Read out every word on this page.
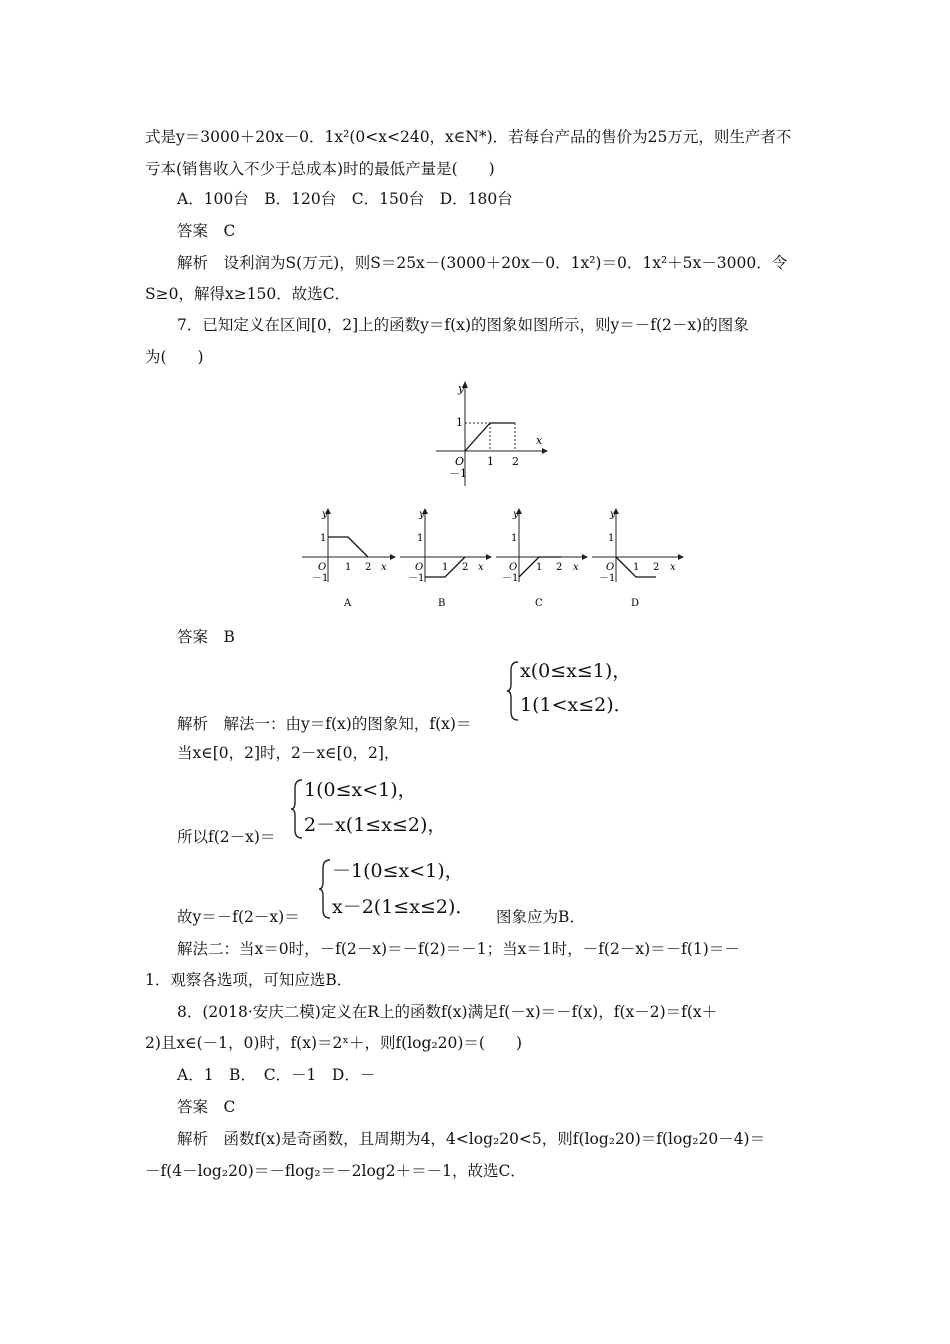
式是y＝3000＋20x－0．1x²(0<x<240，x∈N*)．若每台产品的售价为25万元，则生产者不
亏本(销售收入不少于总成本)时的最低产量是(　　)
A．100台　B．120台　C．150台　D．180台
答案　C
解析　设利润为S(万元)，则S＝25x－(3000＋20x－0．1x²)＝0．1x²＋5x－3000．令
S≥0，解得x≥150．故选C．
7．已知定义在区间[0，2]上的函数y＝f(x)的图象如图所示，则y＝－f(2－x)的图象
为(　　)
y
x
O 1 2
1
－1
y
1
O 1 2 x
－1
A
y
1
O 1 2 x
－1
B
y
1
O 1 2 x
－1
C
y
1
O 1 2 x
－1
D
答案　B
解析　解法一：由y＝f(x)的图象知，f(x)＝
x(0≤x≤1)，
1(1<x≤2)．
当x∈[0，2]时，2－x∈[0，2]，
所以f(2－x)＝
1(0≤x<1)，
2－x(1≤x≤2)，
故y＝－f(2－x)＝
－1(0≤x<1)，
x－2(1≤x≤2)． 图象应为B．
解法二：当x＝0时，－f(2－x)＝－f(2)＝－1；当x＝1时，－f(2－x)＝－f(1)＝－
1．观察各选项，可知应选B．
8．(2018·安庆二模)定义在R上的函数f(x)满足f(－x)＝－f(x)，f(x－2)＝f(x＋
2)且x∈(－1，0)时，f(x)＝2ˣ＋，则f(log₂20)＝(　　)
A．1　B．　C．－1　D．－
答案　C
解析　函数f(x)是奇函数，且周期为4，4<log₂20<5，则f(log₂20)＝f(log₂20－4)＝
－f(4－log₂20)＝－flog₂＝－2log2＋＝－1，故选C．
